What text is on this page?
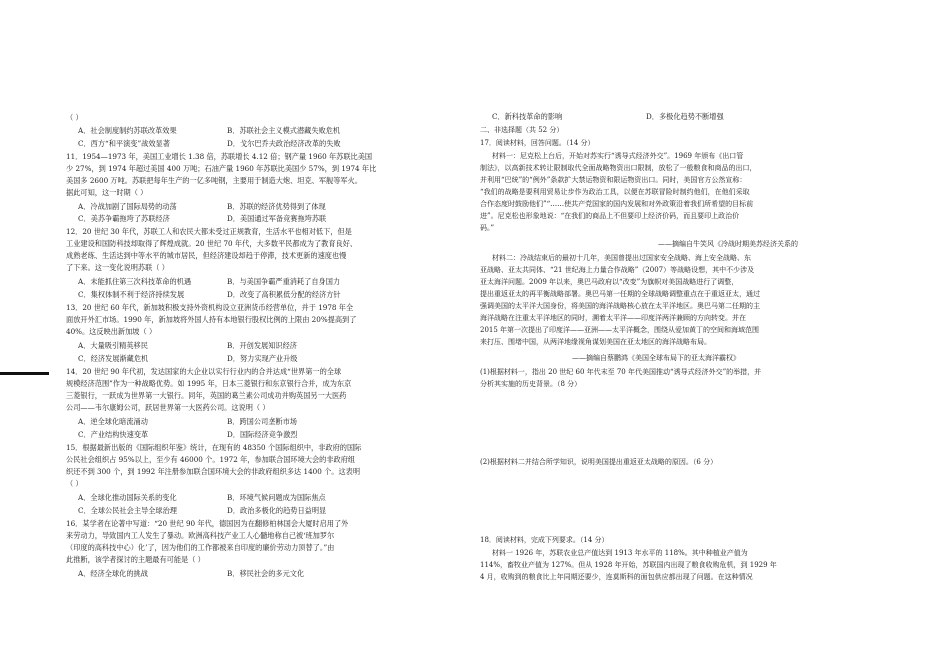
（ ）
A．社会制度制约苏联改革效果	B．苏联社会主义模式潜藏失败危机
C．西方“和平演变”战效显著	D．戈尔巴乔夫政治经济改革的失败
11．1954—1973 年，美国工业增长 1.38 倍，苏联增长 4.12 倍；钢产量 1960 年苏联比美国
少 27%，到 1974 年超过美国 400 万吨；石油产量 1960 年苏联比美国少 57%，到 1974 年比
美国多 2600 万吨。苏联把每年生产的一亿多吨钢，主要用于制造大炮、坦克、军舰等军火。
据此可知，这一时期（ ）
A．冷战加剧了国际局势的动荡	B．苏联的经济优势得到了体现
C．美苏争霸拖垮了苏联经济	D．美国通过军备竞赛拖垮苏联
12．20 世纪 30 年代，苏联工人和农民大都未受过正规教育，生活水平也相对低下，但是
工业建设和国防科技却取得了辉煌成就。20 世纪 70 年代，大多数平民都成为了教育良好、
成熟老练、生活达到中等水平的城市居民，但经济建设却趋于停滞，技术更新的速度也慢
了下来。这一变化说明苏联（ ）
A．未能抓住第三次科技革命的机遇	B．与美国争霸严重消耗了自身国力
C．集权体制不利于经济持续发展	D．改变了高积累低分配的经济方针
13．20 世纪 60 年代，新加坡积极支持外资机构设立亚洲货币经营单位，并于 1978 年全
面放开外汇市场。1990 年，新加坡将外国人持有本地银行股权比例的上限由 20%提高到了
40%。这反映出新加坡（ ）
A．大量吸引精英移民	B．开创发展知识经济
C．经济发展渐藏危机	D．努力实现产业升级
14．20 世纪 90 年代初，发达国家的大企业以实行行业内的合并达成“世界第一的全球
规模经济范围”作为一种战略优势。如 1995 年，日本三菱银行和东京银行合并，成为东京
三菱银行，一跃成为世界第一大银行。同年，英国的葛兰素公司成功并购英国另一大医药
公司——韦尔康姆公司，跃居世界第一大医药公司。这说明（ ）
A．逆全球化暗流涌动	B．跨国公司垄断市场
C．产业结构快速变革	D．国际经济竞争激烈
15．根据最新出版的《国际组织年鉴》统计，在现有的 48350 个国际组织中，非政府的国际
公民社会组织占 95%以上，至少有 46000 个。1972 年，参加联合国环境大会的非政府组
织还不到 300 个，到 1992 年注册参加联合国环境大会的非政府组织多达 1400 个。这表明
（ ）
A．全球化推动国际关系的变化	B．环境气候问题成为国际焦点
C．全球公民社会主导全球治理	D．政治多极化的趋势日益明显
16．某学者在论著中写道：“20 世纪 90 年代，德国因为在翻修柏林国会大厦时启用了外
来劳动力，导致国内工人发生了暴动。欧洲高科技产业工人心髓地称自己被‘班加罗尔
（印度的高科技中心）化’了，因为他们的工作都被来自印度的廉价劳动力顶替了。”由
此推断，该学者探讨的主题最有可能是（ ）
A．经济全球化的挑战	B．移民社会的多元文化
C．新科技革命的影响	D．多极化趋势不断增强
二、非选择题（共 52 分）
17．阅读材料，回答问题。（14 分）
材料一：尼克松上台后，开始对苏实行“诱导式经济外交”。1969 年颁布《出口管
制法》，以高新技术转让限制取代全面战略物资出口限制，放松了一般粮食和商品的出口，
并利用“巴统”的“例外”条款扩大禁运物资和限运物资出口。同时，美国官方公然宣称：
“我们的战略是要利用贸易让步作为政治工具，以便在苏联冒险时制约他们，在他们采取
合作态度时鼓励他们”“……使共产党国家的国内发展和对外政策沿着我们所希望的目标前
进”。尼克松也形象地说：“在我们的商品上不但要印上经济价码，而且要印上政治价
码。”
——摘编自牛笑风《冷战时期美苏经济关系的
材料二：冷战结束后的最初十几年，美国曾提出过国家安全战略、海上安全战略、东
亚战略、亚太共同体、“21 世纪海上力量合作战略”（2007）等战略设想，其中不少涉及
亚太海洋问题。2009 年以来，奥巴马政府以“改变”为旗帜对美国战略进行了调整，
提出重返亚太的再平衡战略部署。奥巴马第一任期的全球战略调整重点在于重返亚太，通过
强调美国的太平洋大国身份，将美国的海洋战略核心放在太平洋地区。奥巴马第二任期的主
海洋战略在注重太平洋地区的同时，溯着太平洋——印度洋两洋兼顾的方向转变。并在
2015 年第一次提出了印度洋——亚洲——太平洋概念，围绕从爱加黄丁的空间和海域范围
来打压、围堵中国，从两洋地缘视角谋划美国在亚太地区的海洋战略布局。
——摘编自蔡鹏鸿《美国全球布局下的亚太海洋霸权》
(1)根据材料一，指出 20 世纪 60 年代末至 70 年代美国推动“诱导式经济外交”的举措，并
分析其实施的历史背景。（8 分）
(2)根据材料二并结合所学知识，说明美国提出重返亚太战略的原因。（6 分）
18．阅读材料，完成下列要求。（14 分）
材料一 1926 年，苏联农业总产值达到 1913 年水平的 118%。其中种植业产值为
114%，畜牧业产值为 127%。但从 1928 年开始，苏联国内出现了粮食收购危机，到 1929 年
4 月，收购到的粮食比上年同期还要少，连莫斯科的面包供应都出现了问题。在这种情况
